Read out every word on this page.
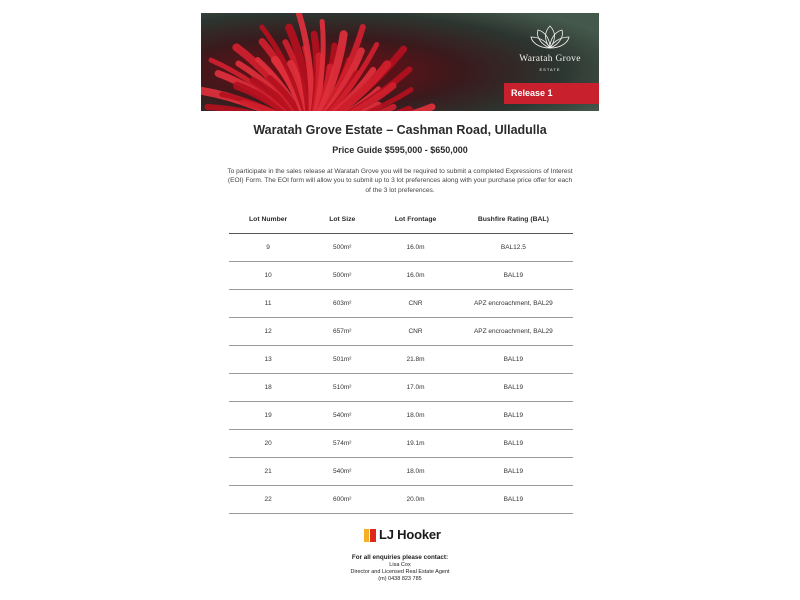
Waratah Grove
ESTATE
Release 1
Waratah Grove Estate – Cashman Road, Ulladulla
Price Guide $595,000 - $650,000
To participate in the sales release at Waratah Grove you will be required to submit a completed Expressions of Interest (EOI) Form. The EOI form will allow you to submit up to 3 lot preferences along with your purchase price offer for each of the 3 lot preferences.
Lot Number	Lot Size	Lot Frontage	Bushfire Rating (BAL)
9	500m²	16.0m	BAL12.5
10	500m²	16.0m	BAL19
11	603m²	CNR	APZ encroachment, BAL29
12	657m²	CNR	APZ encroachment, BAL29
13	501m²	21.8m	BAL19
18	510m²	17.0m	BAL19
19	540m²	18.0m	BAL19
20	574m²	19.1m	BAL19
21	540m²	18.0m	BAL19
22	600m²	20.0m	BAL19
LJ Hooker
For all enquiries please contact:
Lisa Cox
Director and Licensed Real Estate Agent
(m) 0438 823 785
